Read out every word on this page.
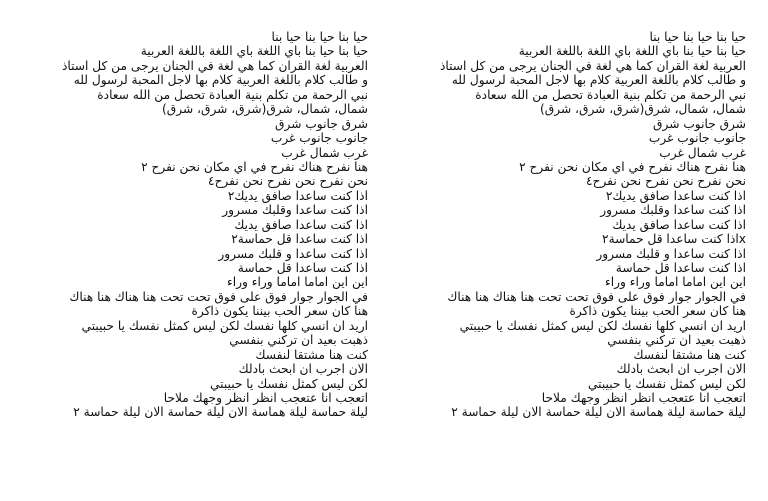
حيا بنا حيا بنا حيا بنا
حيا بنا حيا بنا باي اللغة باي اللغة باللغة العربية
العربية لغة القران كما هي لغة في الجنان يرجى من كل استاذ
و طالب كلام باللغة العربية كلام بها لاجل المحبة لرسول لله
نبي الرحمة من تكلم بنية العبادة تحصل من الله سعادة
شمال، شمال، شرق(شرق، شرق، شرق)
شرق جانوب شرق
جانوب جانوب غرب
غرب شمال غرب
هنا نفرح هناك نفرح في اي مكان نحن نفرح ٢
نحن نفرح نحن نفرح نحن نفرح٤
اذا كنت ساعدا صافق يديك٢
اذا كنت ساعدا وقلبك مسرور
اذا كنت ساعدا صافق يديك
اذا كنت ساعدا قل حماسة٢
اذا كنت ساعدا و قلبك مسرور
اذا كنت ساعدا قل حماسة
اين اين اماما اماما وراء وراء
في الجوار جوار فوق على فوق تحت تحت هنا هناك هنا هناك
هنا كان سعر الحب بيننا يكون ذاكرة
اريد ان انسي كلها نفسك لكن ليس كمثل نفسك يا حبيبتي
ذهبت بعيد ان تركني بنفسي
كنت هنا مشتقا لنفسك
الان اجرب ان ابحث بادلك
لكن ليس كمثل نفسك يا حبيبتي
اتعجب انا عتعجب انظر انظر وجهك ملاحا
ليلة حماسة ليلة هماسة الان ليلة حماسة الان ليلة حماسة ٢
حيا بنا حيا بنا حيا بنا
حيا بنا حيا بنا باي اللغة باي اللغة باللغة العربية
العربية لغة القران كما هي لغة في الجنان يرجى من كل استاذ
و طالب كلام باللغة العربية كلام بها لاجل المحبة لرسول لله
نبي الرحمة من تكلم بنية العبادة تحصل من الله سعادة
شمال، شمال، شرق(شرق، شرق، شرق)
شرق جانوب شرق
جانوب جانوب غرب
غرب شمال غرب
هنا نفرح هناك نفرح في اي مكان نحن نفرح ٢
نحن نفرح نحن نفرح نحن نفرح٤
اذا كنت ساعدا صافق يديك٢
اذا كنت ساعدا وقلبك مسرور
اذا كنت ساعدا صافق يديك
xاذا كنت ساعدا قل حماسة٢
اذا كنت ساعدا و قلبك مسرور
اذا كنت ساعدا قل حماسة
اين اين اماما اماما وراء وراء
في الجوار جوار فوق على فوق تحت تحت هنا هناك هنا هناك
هنا كان سعر الحب بيننا يكون ذاكرة
اريد ان انسي كلها نفسك لكن ليس كمثل نفسك يا حبيبتي
ذهبت بعيد ان تركني بنفسي
كنت هنا مشتقا لنفسك
الان اجرب ان ابحث بادلك
لكن ليس كمثل نفسك يا حبيبتي
اتعجب انا عتعجب انظر انظر وجهك ملاحا
ليلة حماسة ليلة هماسة الان ليلة حماسة الان ليلة حماسة ٢
